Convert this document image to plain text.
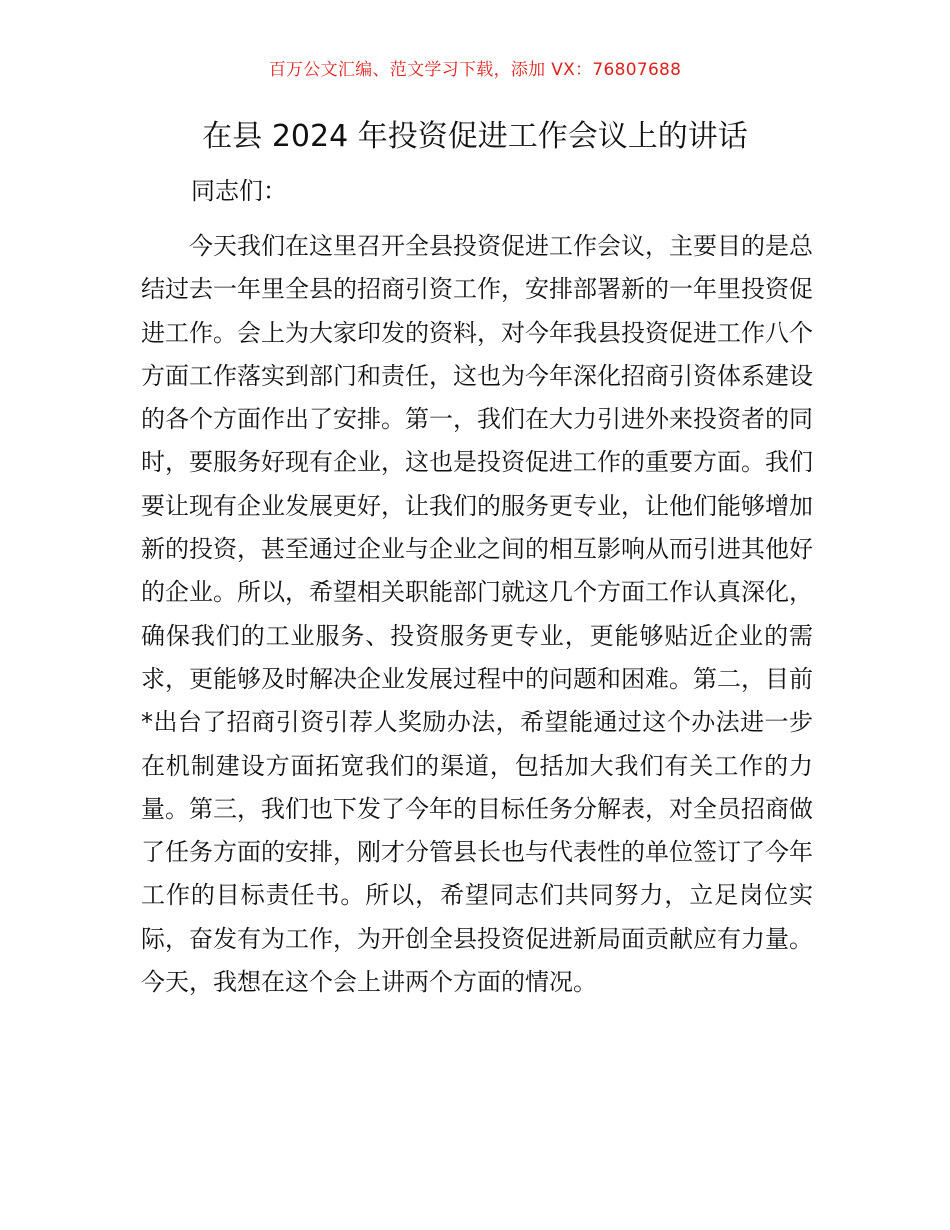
百万公文汇编、范文学习下载，添加 VX：76807688
在县 2024 年投资促进工作会议上的讲话

同志们：

今天我们在这里召开全县投资促进工作会议，主要目的是总结过去一年里全县的招商引资工作，安排部署新的一年里投资促进工作。会上为大家印发的资料，对今年我县投资促进工作八个方面工作落实到部门和责任，这也为今年深化招商引资体系建设的各个方面作出了安排。第一，我们在大力引进外来投资者的同时，要服务好现有企业，这也是投资促进工作的重要方面。我们要让现有企业发展更好，让我们的服务更专业，让他们能够增加新的投资，甚至通过企业与企业之间的相互影响从而引进其他好的企业。所以，希望相关职能部门就这几个方面工作认真深化，确保我们的工业服务、投资服务更专业，更能够贴近企业的需求，更能够及时解决企业发展过程中的问题和困难。第二，目前*出台了招商引资引荐人奖励办法，希望能通过这个办法进一步在机制建设方面拓宽我们的渠道，包括加大我们有关工作的力量。第三，我们也下发了今年的目标任务分解表，对全员招商做了任务方面的安排，刚才分管县长也与代表性的单位签订了今年工作的目标责任书。所以，希望同志们共同努力，立足岗位实际，奋发有为工作，为开创全县投资促进新局面贡献应有力量。今天，我想在这个会上讲两个方面的情况。
